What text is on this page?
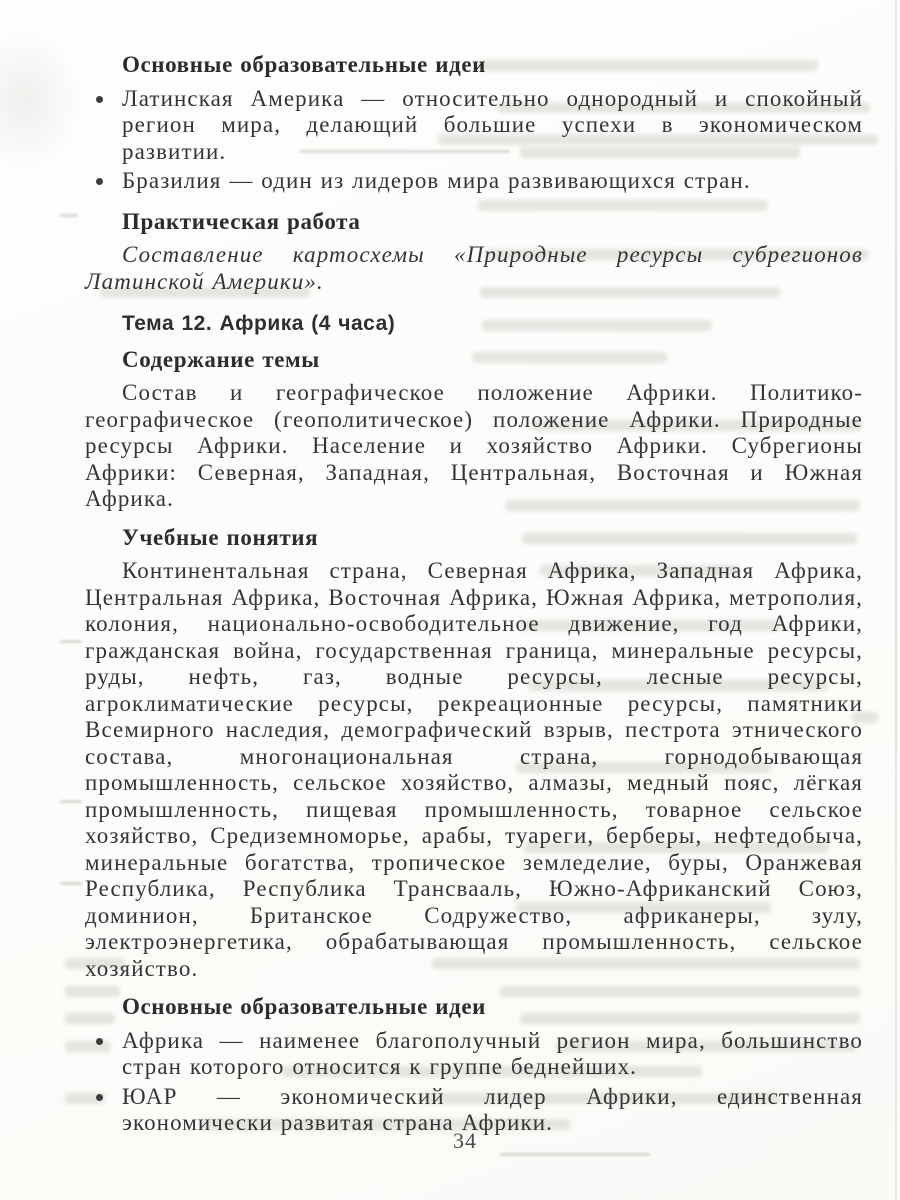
Основные образовательные идеи
Латинская Америка — относительно однородный и спокойный регион мира, делающий большие успехи в экономическом развитии.
Бразилия — один из лидеров мира развивающихся стран.
Практическая работа

Составление картосхемы «Природные ресурсы субрегионов Латинской Америки».

Тема 12. Африка (4 часа)
Содержание темы

Состав и географическое положение Африки. Политико-географическое (геополитическое) положение Африки. Природные ресурсы Африки. Население и хозяйство Африки. Субрегионы Африки: Северная, Западная, Центральная, Восточная и Южная Африка.

Учебные понятия

Континентальная страна, Северная Африка, Западная Африка, Центральная Африка, Восточная Африка, Южная Африка, метрополия, колония, национально-освободительное движение, год Африки, гражданская война, государственная граница, минеральные ресурсы, руды, нефть, газ, водные ресурсы, лесные ресурсы, агроклиматические ресурсы, рекреационные ресурсы, памятники Всемирного наследия, демографический взрыв, пестрота этнического состава, многонациональная страна, горнодобывающая промышленность, сельское хозяйство, алмазы, медный пояс, лёгкая промышленность, пищевая промышленность, товарное сельское хозяйство, Средиземноморье, арабы, туареги, берберы, нефтедобыча, минеральные богатства, тропическое земледелие, буры, Оранжевая Республика, Республика Трансвааль, Южно-Африканский Союз, доминион, Британское Содружество, африканеры, зулу, электроэнергетика, обрабатывающая промышленность, сельское хозяйство.

Основные образовательные идеи
Африка — наименее благополучный регион мира, большинство стран которого относится к группе беднейших.
ЮАР — экономический лидер Африки, единственная экономически развитая страна Африки.
34
